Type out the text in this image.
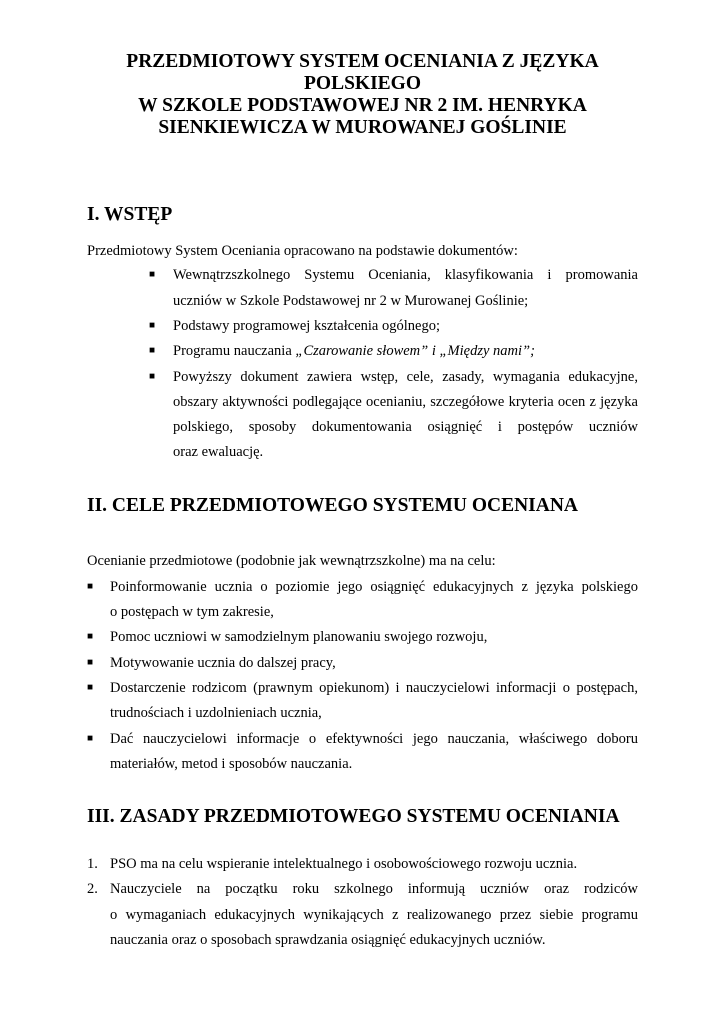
PRZEDMIOTOWY SYSTEM OCENIANIA Z JĘZYKA
POLSKIEGO
W SZKOLE PODSTAWOWEJ NR 2 IM. HENRYKA
SIENKIEWICZA W MUROWANEJ GOŚLINIE
I. WSTĘP
Przedmiotowy System Oceniania opracowano na podstawie dokumentów:
■ Wewnątrzszkolnego Systemu Oceniania, klasyfikowania i promowania
uczniów w Szkole Podstawowej nr 2 w Murowanej Goślinie;
■ Podstawy programowej kształcenia ogólnego;
■ Programu nauczania „Czarowanie słowem” i „Między nami”;
■ Powyższy dokument zawiera wstęp, cele, zasady, wymagania edukacyjne,
obszary aktywności podlegające ocenianiu, szczegółowe kryteria ocen z języka
polskiego, sposoby dokumentowania osiągnięć i postępów uczniów
oraz ewaluację.
II. CELE PRZEDMIOTOWEGO SYSTEMU OCENIANA
Ocenianie przedmiotowe (podobnie jak wewnątrzszkolne) ma na celu:
■ Poinformowanie ucznia o poziomie jego osiągnięć edukacyjnych z języka polskiego
o postępach w tym zakresie,
■ Pomoc uczniowi w samodzielnym planowaniu swojego rozwoju,
■ Motywowanie ucznia do dalszej pracy,
■ Dostarczenie rodzicom (prawnym opiekunom) i nauczycielowi informacji o postępach,
trudnościach i uzdolnieniach ucznia,
■ Dać nauczycielowi informacje o efektywności jego nauczania, właściwego doboru
materiałów, metod i sposobów nauczania.
III. ZASADY PRZEDMIOTOWEGO SYSTEMU OCENIANIA
1. PSO ma na celu wspieranie intelektualnego i osobowościowego rozwoju ucznia.
2. Nauczyciele na początku roku szkolnego informują uczniów oraz rodziców
o wymaganiach edukacyjnych wynikających z realizowanego przez siebie programu
nauczania oraz o sposobach sprawdzania osiągnięć edukacyjnych uczniów.
